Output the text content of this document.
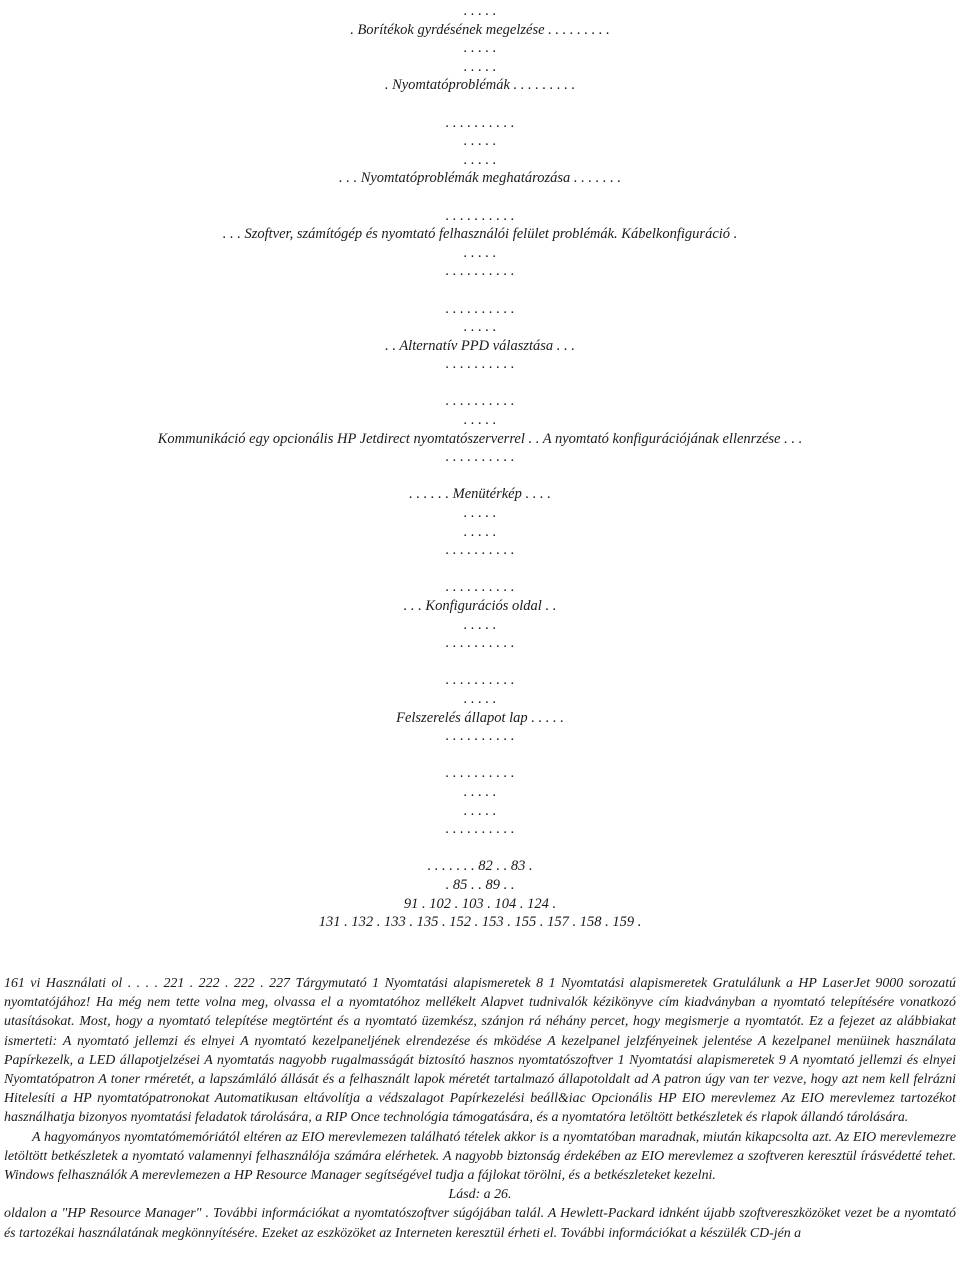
. . . . .
. Borítékok gyrdésének megelzése . . . . . . . . .
. . . . .
. . . . .
. Nyomtatóproblémák . . . . . . . . .
. . . . . . . . . .
. . . . .
. . . . .
. . . Nyomtatóproblémák meghatározása . . . . . . .
. . . . . . . . . .
. . . Szoftver, számítógép és nyomtató felhasználói felület problémák. Kábelkonfiguráció .
. . . . .
. . . . . . . . . .
. . . . . . . . . .
. . . . .
. . Alternatív PPD választása . . .
. . . . . . . . . .
. . . . . . . . . .
. . . . .
Kommunikáció egy opcionális HP Jetdirect nyomtatószerverrel . . A nyomtató konfigurációjának ellenrzése . . .
. . . . . . . . . .
. . . . . . Menütérkép . . . .
. . . . .
. . . . .
. . . . . . . . . .
. . . . . . . . . .
. . . Konfigurációs oldal . .
. . . . .
. . . . . . . . . .
. . . . . . . . . .
. . . . .
Felszerelés állapot lap . . . . .
. . . . . . . . . .
. . . . . . . . . .
. . . . .
. . . . .
. . . . . . . . . .
. . . . . . . 82 . . 83 .
. 85 . . 89 . .
91 . 102 . 103 . 104 . 124 .
131 . 132 . 133 . 135 . 152 . 153 . 155 . 157 . 158 . 159 .

161 vi Használati ol . . . . 221 . 222 . 222 . 227 Tárgymutató 1 Nyomtatási alapismeretek 8 1 Nyomtatási alapismeretek Gratulálunk a HP LaserJet 9000 sorozatú nyomtatójához! Ha még nem tette volna meg, olvassa el a nyomtatóhoz mellékelt Alapvet tudnivalók kézikönyve cím kiadványban a nyomtató telepítésére vonatkozó utasításokat. Most, hogy a nyomtató telepítése megtörtént és a nyomtató üzemkész, szánjon rá néhány percet, hogy megismerje a nyomtatót. Ez a fejezet az alábbiakat ismerteti: A nyomtató jellemzi és elnyei A nyomtató kezelpaneljének elrendezése és mködése A kezelpanel jelzfényeinek jelentése A kezelpanel menüinek használata Papírkezelk, a LED állapotjelzései A nyomtatás nagyobb rugalmasságát biztosító hasznos nyomtatószoftver 1 Nyomtatási alapismeretek 9 A nyomtató jellemzi és elnyei Nyomtatópatron A toner rméretét, a lapszámláló állását és a felhasznált lapok méretét tartalmazó állapotoldalt ad A patron úgy van ter vezve, hogy azt nem kell felrázni Hitelesíti a HP nyomtatópatronokat Automatikusan eltávolítja a védszalagot Papírkezelési beáll&iac Opcionális HP EIO merevlemez Az EIO merevlemez tartozékot használhatja bizonyos nyomtatási feladatok tárolására, a RIP Once technológia támogatására, és a nyomtatóra letöltött betkészletek és rlapok állandó tárolására.

A hagyományos nyomtatómemóriától eltéren az EIO merevlemezen található tételek akkor is a nyomtatóban maradnak, miután kikapcsolta azt. Az EIO merevlemezre letöltött betkészletek a nyomtató valamennyi felhasználója számára elérhetek. A nagyobb biztonság érdekében az EIO merevlemez a szoftveren keresztül írásvédetté tehet. Windows felhasználók A merevlemezen a HP Resource Manager segítségével tudja a fájlokat törölni, és a betkészleteket kezelni.

Lásd: a 26.

oldalon a "HP Resource Manager" . További információkat a nyomtatószoftver súgójában talál. A Hewlett-Packard idnként újabb szoftvereszközöket vezet be a nyomtató és tartozékai használatának megkönnyítésére. Ezeket az eszközöket az Interneten keresztül érheti el. További információkat a készülék CD-jén a
